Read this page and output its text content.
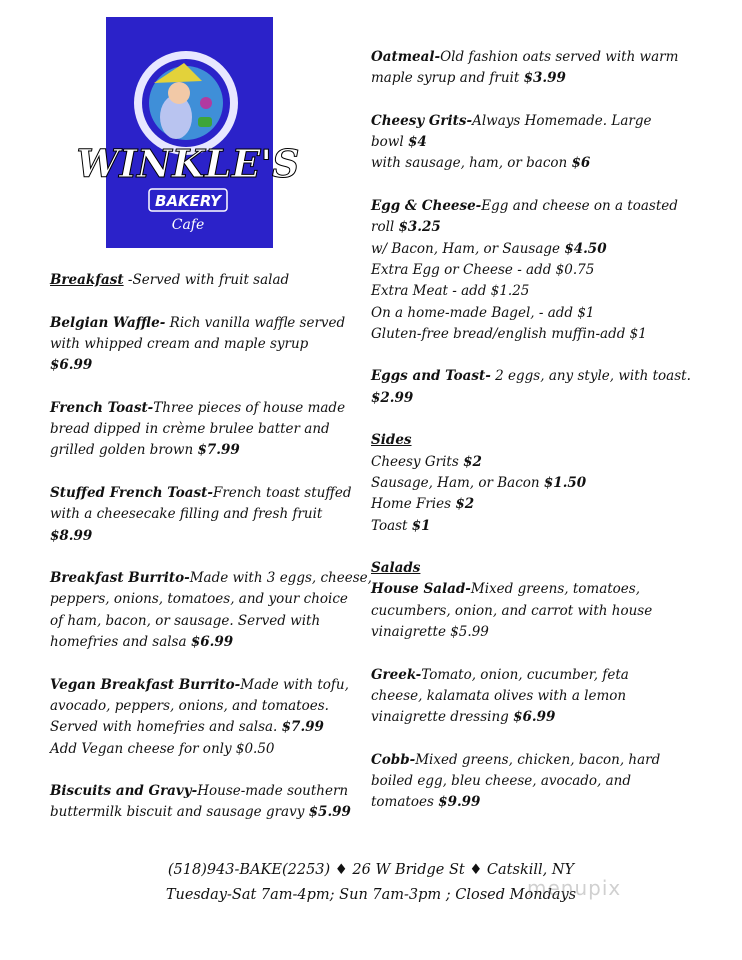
WINKLE'S
BAKERY
Cafe
Breakfast -Served with fruit salad
Belgian Waffle- Rich vanilla waffle served
with whipped cream and maple syrup
$6.99
French Toast-Three pieces of house made
bread dipped in crème brulee batter and
grilled golden brown $7.99
Stuffed French Toast-French toast stuffed
with a cheesecake filling and fresh fruit
$8.99
Breakfast Burrito-Made with 3 eggs, cheese,
peppers, onions, tomatoes, and your choice
of ham, bacon, or sausage. Served with
homefries and salsa $6.99
Vegan Breakfast Burrito-Made with tofu,
avocado, peppers, onions, and tomatoes.
Served with homefries and salsa. $7.99
Add Vegan cheese for only $0.50
Biscuits and Gravy-House-made southern
buttermilk biscuit and sausage gravy $5.99
Oatmeal-Old fashion oats served with warm
maple syrup and fruit $3.99
Cheesy Grits-Always Homemade. Large
bowl $4
with sausage, ham, or bacon $6
Egg & Cheese-Egg and cheese on a toasted
roll $3.25
w/ Bacon, Ham, or Sausage $4.50
Extra Egg or Cheese - add $0.75
Extra Meat - add $1.25
On a home-made Bagel, - add $1
Gluten-free bread/english muffin-add $1
Eggs and Toast- 2 eggs, any style, with toast.
$2.99
Sides
Cheesy Grits $2
Sausage, Ham, or Bacon $1.50
Home Fries $2
Toast $1
Salads
House Salad-Mixed greens, tomatoes,
cucumbers, onion, and carrot with house
vinaigrette $5.99
Greek-Tomato, onion, cucumber, feta
cheese, kalamata olives with a lemon
vinaigrette dressing $6.99
Cobb-Mixed greens, chicken, bacon, hard
boiled egg, bleu cheese, avocado, and
tomatoes $9.99
(518)943-BAKE(2253) ♦ 26 W Bridge St ♦ Catskill, NY
Tuesday-Sat 7am-4pm; Sun 7am-3pm ; Closed Mondays
menupix
